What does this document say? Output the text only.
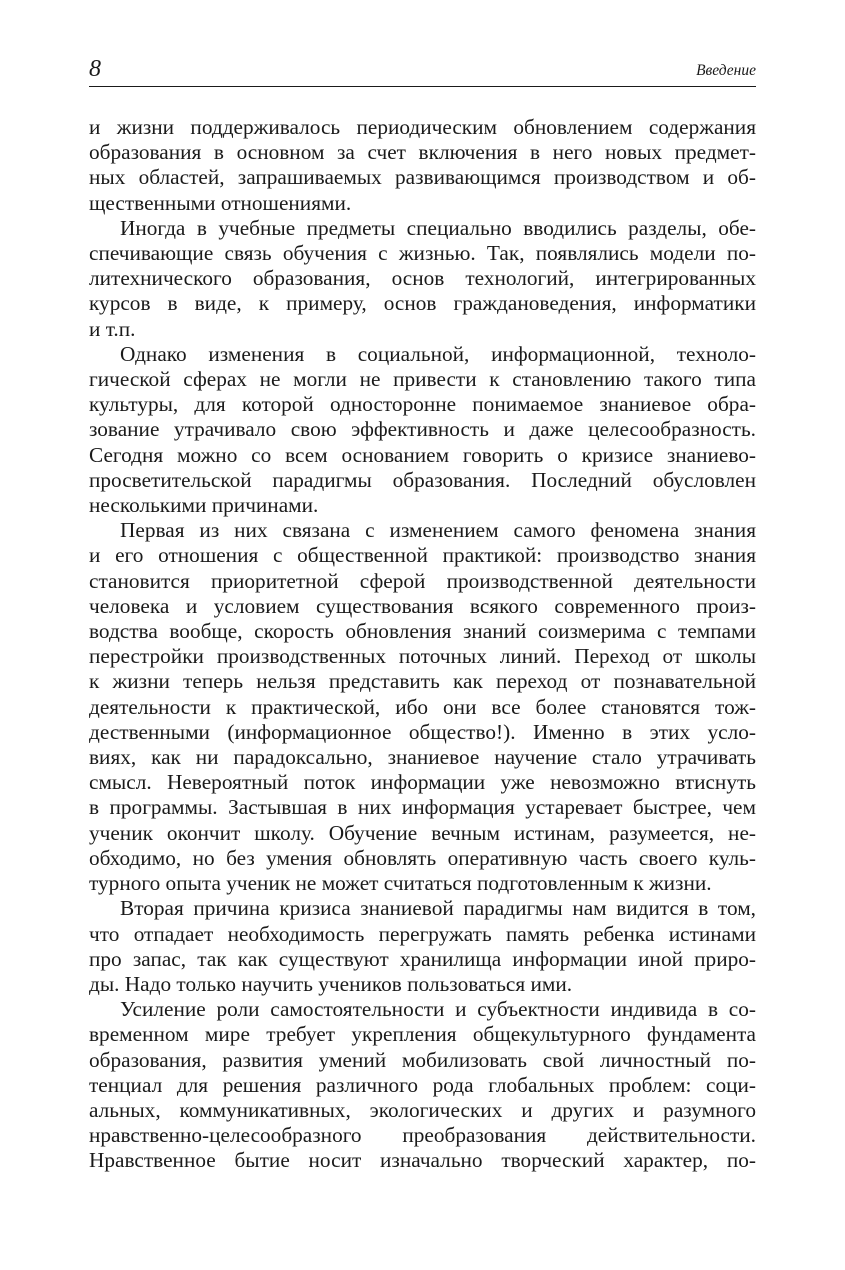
8	Введение

и жизни поддерживалось периодическим обновлением содержания
образования в основном за счет включения в него новых предмет-
ных областей, запрашиваемых развивающимся производством и об-
щественными отношениями.

Иногда в учебные предметы специально вводились разделы, обе-
спечивающие связь обучения с жизнью. Так, появлялись модели по-
литехнического образования, основ технологий, интегрированных
курсов в виде, к примеру, основ граждановедения, информатики
и т.п.

Однако изменения в социальной, информационной, техноло-
гической сферах не могли не привести к становлению такого типа
культуры, для которой односторонне понимаемое знаниевое обра-
зование утрачивало свою эффективность и даже целесообразность.
Сегодня можно со всем основанием говорить о кризисе знаниево-
просветительской парадигмы образования. Последний обусловлен
несколькими причинами.

Первая из них связана с изменением самого феномена знания
и его отношения с общественной практикой: производство знания
становится приоритетной сферой производственной деятельности
человека и условием существования всякого современного произ-
водства вообще, скорость обновления знаний соизмерима с темпами
перестройки производственных поточных линий. Переход от школы
к жизни теперь нельзя представить как переход от познавательной
деятельности к практической, ибо они все более становятся тож-
дественными (информационное общество!). Именно в этих усло-
виях, как ни парадоксально, знаниевое научение стало утрачивать
смысл. Невероятный поток информации уже невозможно втиснуть
в программы. Застывшая в них информация устаревает быстрее, чем
ученик окончит школу. Обучение вечным истинам, разумеется, не-
обходимо, но без умения обновлять оперативную часть своего куль-
турного опыта ученик не может считаться подготовленным к жизни.

Вторая причина кризиса знаниевой парадигмы нам видится в том,
что отпадает необходимость перегружать память ребенка истинами
про запас, так как существуют хранилища информации иной приро-
ды. Надо только научить учеников пользоваться ими.

Усиление роли самостоятельности и субъектности индивида в со-
временном мире требует укрепления общекультурного фундамента
образования, развития умений мобилизовать свой личностный по-
тенциал для решения различного рода глобальных проблем: соци-
альных, коммуникативных, экологических и других и разумного
нравственно-целесообразного преобразования действительности.
Нравственное бытие носит изначально творческий характер, по-
